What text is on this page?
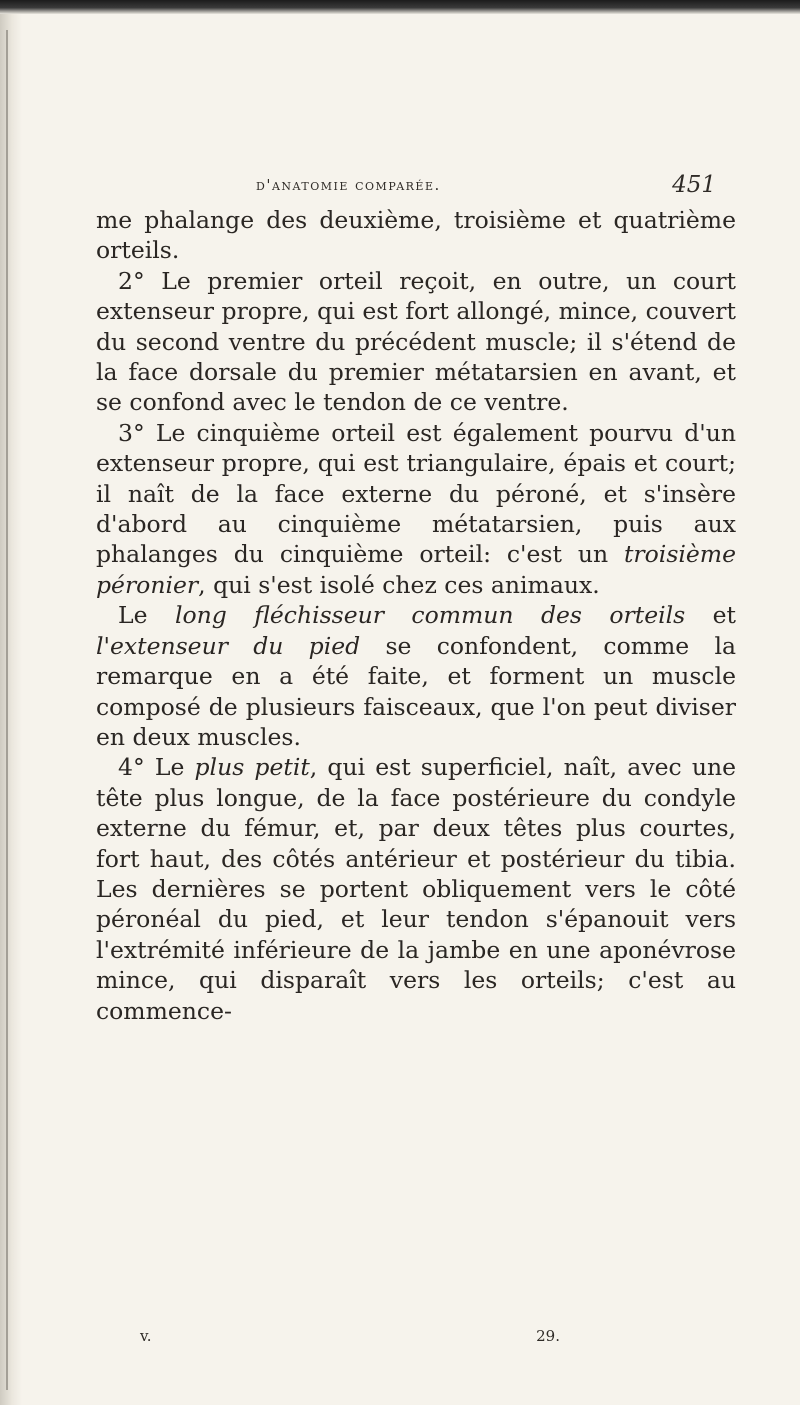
d'anatomie comparée.	451

me phalange des deuxième, troisième et quatrième orteils.

2° Le premier orteil reçoit, en outre, un court extenseur propre, qui est fort allongé, mince, couvert du second ventre du précédent muscle; il s'étend de la face dorsale du premier métatarsien en avant, et se confond avec le tendon de ce ventre.

3° Le cinquième orteil est également pourvu d'un extenseur propre, qui est triangulaire, épais et court; il naît de la face externe du péroné, et s'insère d'abord au cinquième métatarsien, puis aux phalanges du cinquième orteil: c'est un troisième péronier, qui s'est isolé chez ces animaux.

Le long fléchisseur commun des orteils et l'extenseur du pied se confondent, comme la remarque en a été faite, et forment un muscle composé de plusieurs faisceaux, que l'on peut diviser en deux muscles.

4° Le plus petit, qui est superficiel, naît, avec une tête plus longue, de la face postérieure du condyle externe du fémur, et, par deux têtes plus courtes, fort haut, des côtés antérieur et postérieur du tibia. Les dernières se portent obliquement vers le côté péronéal du pied, et leur tendon s'épanouit vers l'extrémité inférieure de la jambe en une aponévrose mince, qui disparaît vers les orteils; c'est au commence-

v.	29.
